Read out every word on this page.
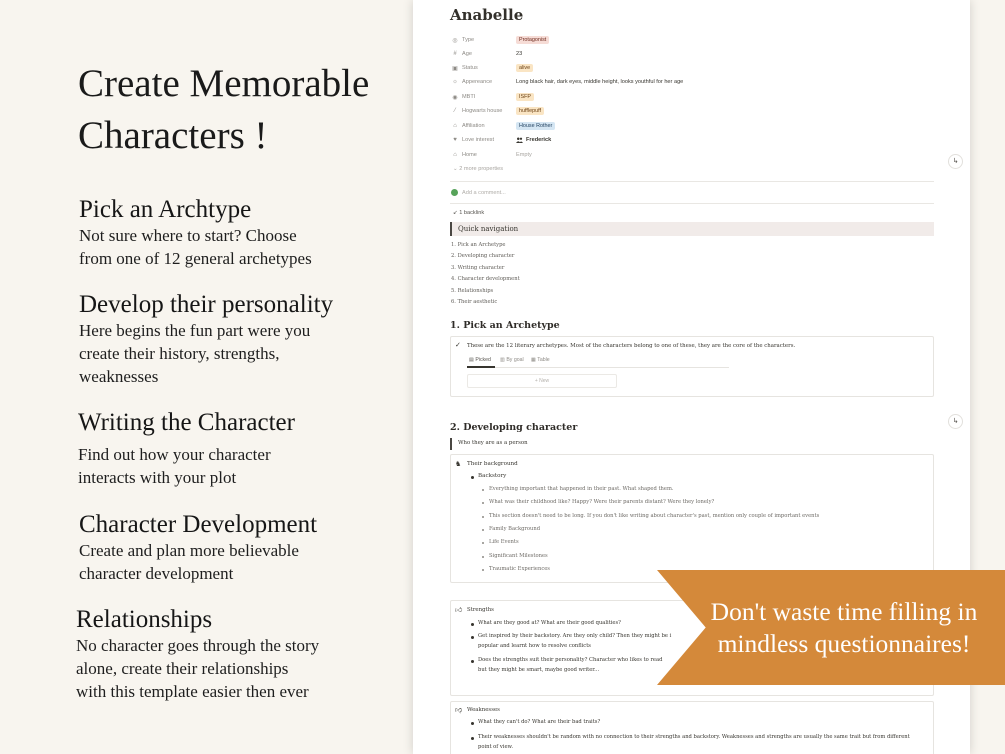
Create Memorable
Characters !
Pick an Archtype

Not sure where to start? Choose

from one of 12 general archetypes

Develop their personality

Here begins the fun part were you

create their history, strengths,

weaknesses

Writing the Character

Find out how your character

interacts with your plot

Character Development

Create and plan more believable

character development

Relationships

No character goes through the story

alone, create their relationships

with this template easier then ever

Anabelle
◎ Type	Protagonist
# Age	23
▣ Status	alive
☼ Appereance	Long black hair, dark eyes, middle height, looks youthful for her age
◉ MBTI	ISFP
⁄	Hogwarts house	hufflepuff
⌂ Affiliation	House Rother
♥ Love interest	Frederick
⌂ Home	Empty
⌄ 2 more properties
Add a comment...
↙ 1 backlink
Quick navigation
1. Pick an Archetype
2. Developing character
3. Writing character
4. Character development
5. Relationships
6. Their aesthetic
1. Pick an Archetype
✓ These are the 12 literary archetypes. Most of the characters belong to one of these, they are the core of the characters.
▤ Picked ▥ By goal ▦ Table
+ New
↳
↳
2. Developing character
Who they are as a person
♞ Their background
Backstory
Everything important that happened in their past. What shaped them.
What was their childhood like? Happy? Were their parents distant? Were they lonely?
This section doesn't need to be long. If you don't like writing about character's past, mention only couple of important events
Family Background
Life Events
Significant Milestones
Traumatic Experiences
👍︎ Strengths
What are they good at? What are their good qualities?
Get inspired by their backstory. Are they only child? Then they might be i
popular and learnt how to resolve conflicts
Does the strengths suit their personality? Character who likes to read
but they might be smart, maybe good writer...
👎︎ Weaknesses
What they can't do? What are their bad traits?
Their weaknesses shouldn't be random with no connection to their strengths and backstory. Weaknesses and strengths are usually the same trait but from different
point of view.
Don't waste time filling in
mindless questionnaires!
